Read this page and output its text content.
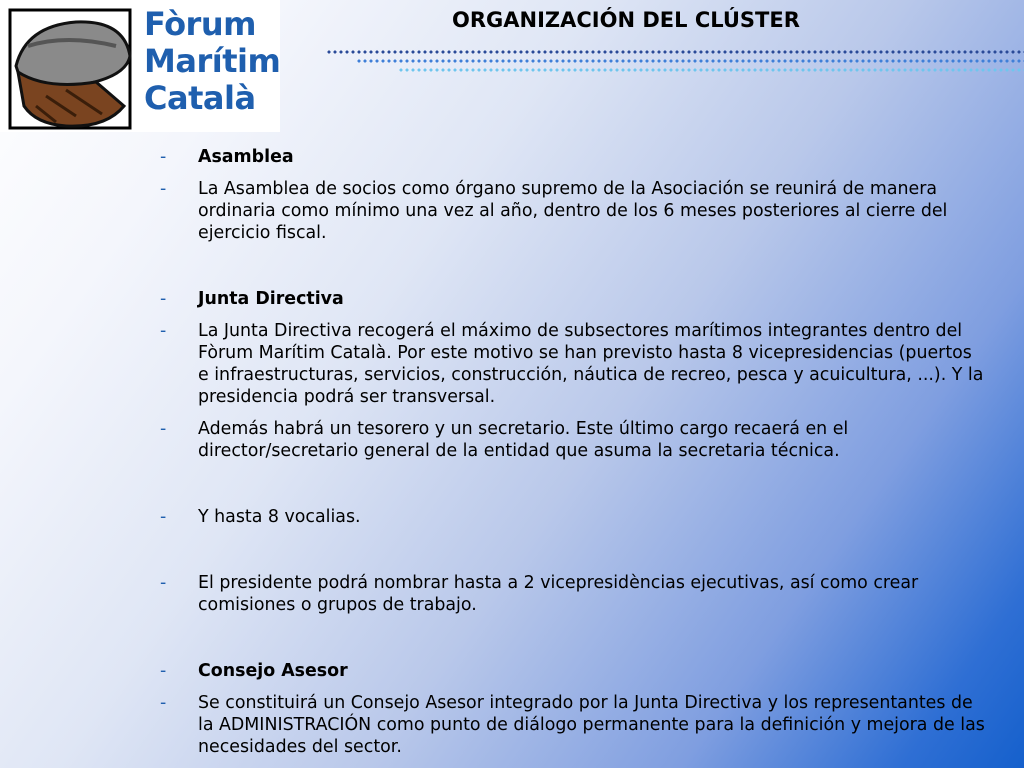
Fòrum
Marítim
Català
ORGANIZACIÓN DEL CLÚSTER
- Asamblea
- La Asamblea de socios como órgano supremo de la Asociación se reunirá de manera ordinaria como mínimo una vez al año, dentro de los 6 meses posteriores al cierre del ejercicio fiscal.
- Junta Directiva
- La Junta Directiva recogerá el máximo de subsectores marítimos integrantes dentro del Fòrum Marítim Català. Por este motivo se han previsto hasta 8 vicepresidencias (puertos e infraestructuras, servicios, construcción, náutica de recreo, pesca y acuicultura, ...). Y la presidencia podrá ser transversal.
- Además habrá un tesorero y un secretario. Este último cargo recaerá en el director/secretario general de la entidad que asuma la secretaria técnica.
- Y hasta 8 vocalias.
- El presidente podrá nombrar hasta a 2 vicepresidèncias ejecutivas, así como crear comisiones o grupos de trabajo.
- Consejo Asesor
- Se constituirá un Consejo Asesor integrado por la Junta Directiva y los representantes de la ADMINISTRACIÓN como punto de diálogo permanente para la definición y mejora de las necesidades del sector.
